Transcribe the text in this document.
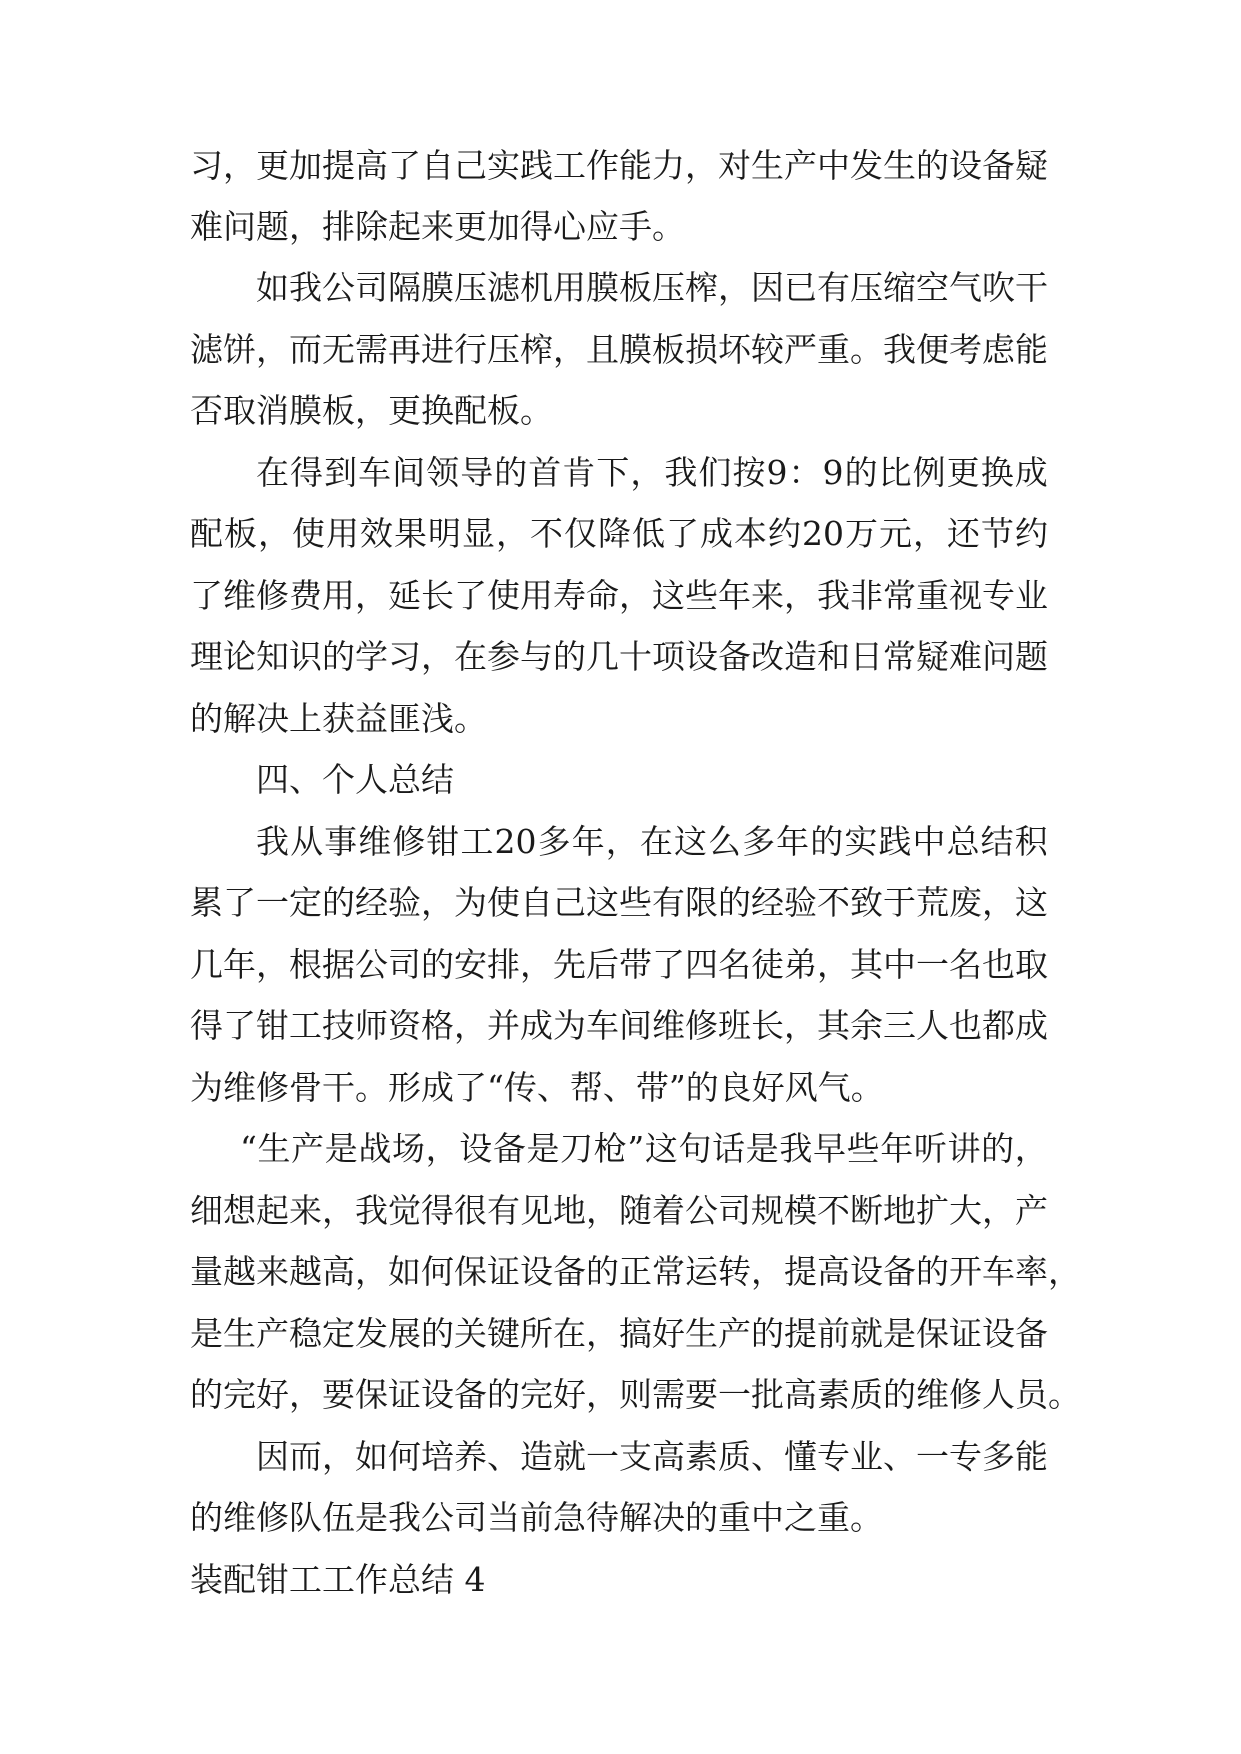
习 ， 更 加 提 高 了 自 己 实 践 工 作 能 力 ， 对 生 产 中 发 生 的 设 备 疑
难问题，排除起来更加得心应手。
如 我 公 司 隔 膜 压 滤 机 用 膜 板 压 榨 ， 因 已 有 压 缩 空 气 吹 干
滤 饼 ， 而 无 需 再 进 行 压 榨 ， 且 膜 板 损 坏 较 严 重 。 我 便 考 虑 能
否取消膜板，更换配板。
在 得 到 车 间 领 导 的 首 肯 下 ， 我 们 按 9 ： 9 的 比 例 更 换 成
配 板 ， 使 用 效 果 明 显 ， 不 仅 降 低 了 成 本 约 20 万 元 ， 还 节 约
了 维 修 费 用 ， 延 长 了 使 用 寿 命 ， 这 些 年 来 ， 我 非 常 重 视 专 业
理 论 知 识 的 学 习 ， 在 参 与 的 几 十 项 设 备 改 造 和 日 常 疑 难 问 题
的解决上获益匪浅。
四、个人总结
我 从 事 维 修 钳 工 20 多 年 ， 在 这 么 多 年 的 实 践 中 总 结 积
累 了 一 定 的 经 验 ， 为 使 自 己 这 些 有 限 的 经 验 不 致 于 荒 废 ， 这
几 年 ， 根 据 公 司 的 安 排 ， 先 后 带 了 四 名 徒 弟 ， 其 中 一 名 也 取
得 了 钳 工 技 师 资 格 ， 并 成 为 车 间 维 修 班 长 ， 其 余 三 人 也 都 成
为维修骨干。形成了“传、帮、带”的良好风气。
“ 生 产 是 战 场 ， 设 备 是 刀 枪 ” 这 句 话 是 我 早 些 年 听 讲 的 ，
细 想 起 来 ， 我 觉 得 很 有 见 地 ， 随 着 公 司 规 模 不 断 地 扩 大 ， 产
量 越 来 越 高 ， 如 何 保 证 设 备 的 正 常 运 转 ， 提 高 设 备 的 开 车 率 ，
是 生 产 稳 定 发 展 的 关 键 所 在 ， 搞 好 生 产 的 提 前 就 是 保 证 设 备
的 完 好 ， 要 保 证 设 备 的 完 好 ， 则 需 要 一 批 高 素 质 的 维 修 人 员 。
因 而 ， 如 何 培 养 、 造 就 一 支 高 素 质 、 懂 专 业 、 一 专 多 能
的维修队伍是我公司当前急待解决的重中之重。
装配钳工工作总结 4
